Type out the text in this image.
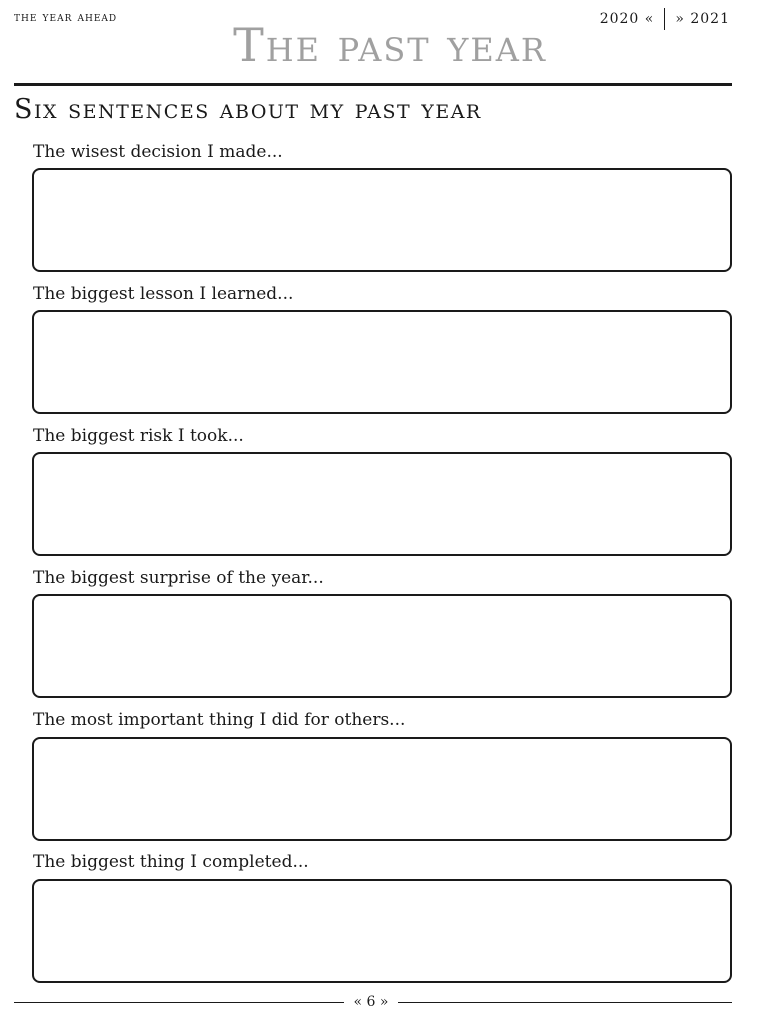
the year ahead	2020 « » 2021
The past year
Six sentences about my past year
The wisest decision I made...
The biggest lesson I learned...
The biggest risk I took...
The biggest surprise of the year...
The most important thing I did for others...
The biggest thing I completed...
« 6 »
